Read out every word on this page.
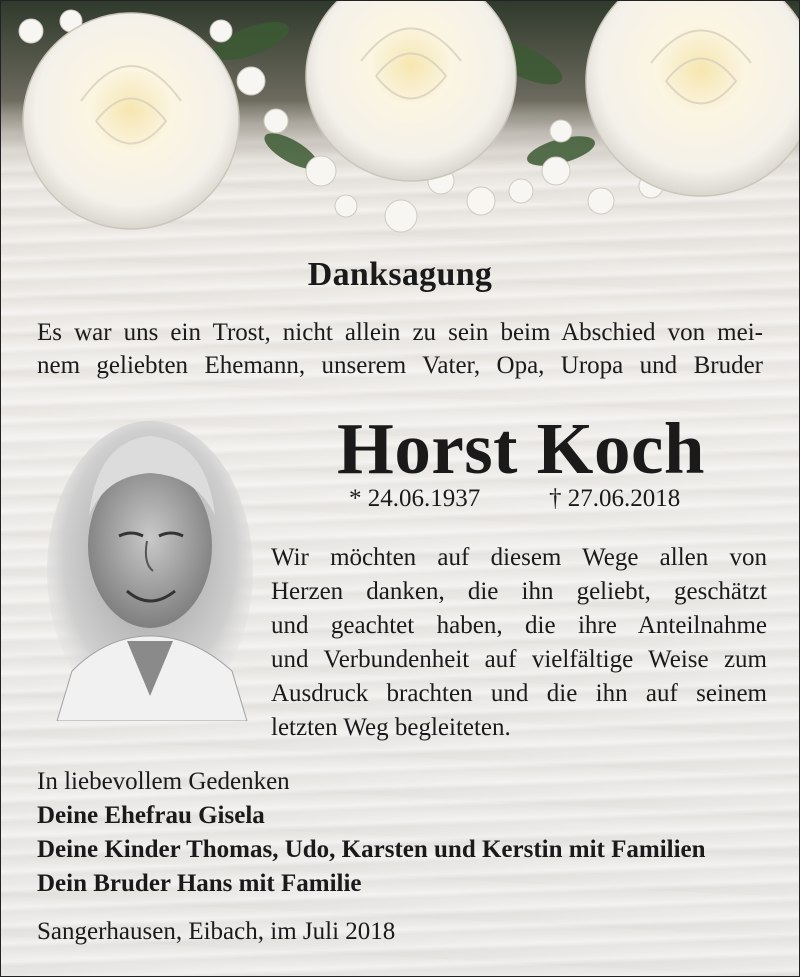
Danksagung
Es war uns ein Trost, nicht allein zu sein beim Abschied von mei-
nem geliebten Ehemann, unserem Vater, Opa, Uropa und Bruder
Horst Koch
* 24.06.1937	† 27.06.2018
Wir möchten auf diesem Wege allen von
Herzen danken, die ihn geliebt, geschätzt
und geachtet haben, die ihre Anteilnahme
und Verbundenheit auf vielfältige Weise zum
Ausdruck brachten und die ihn auf seinem
letzten Weg begleiteten.
In liebevollem Gedenken
Deine Ehefrau Gisela
Deine Kinder Thomas, Udo, Karsten und Kerstin mit Familien
Dein Bruder Hans mit Familie
Sangerhausen, Eibach, im Juli 2018
